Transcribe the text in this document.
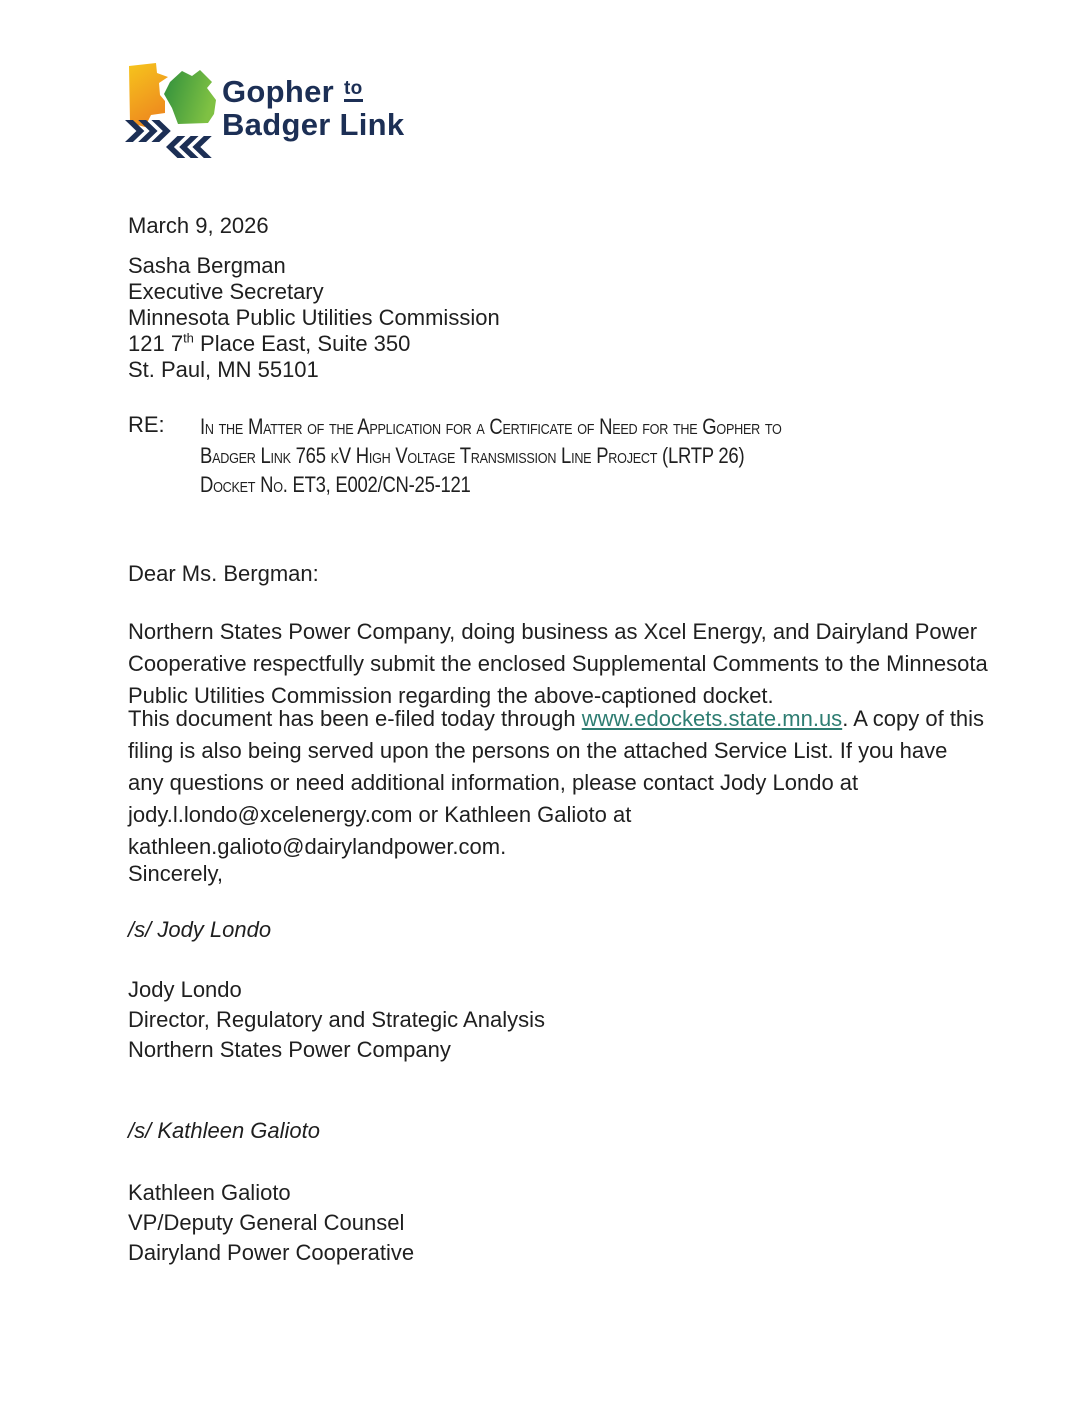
Gopher to
Badger Link
March 9, 2026
Sasha Bergman
Executive Secretary
Minnesota Public Utilities Commission
121 7th Place East, Suite 350
St. Paul, MN 55101
RE: In the Matter of the Application for a Certificate of Need for the Gopher to
Badger Link 765 kV High Voltage Transmission Line Project (LRTP 26)
Docket No. ET3, E002/CN-25-121
Dear Ms. Bergman:
Northern States Power Company, doing business as Xcel Energy, and Dairyland Power
Cooperative respectfully submit the enclosed Supplemental Comments to the Minnesota
Public Utilities Commission regarding the above-captioned docket.
This document has been e-filed today through www.edockets.state.mn.us. A copy of this
filing is also being served upon the persons on the attached Service List. If you have
any questions or need additional information, please contact Jody Londo at
jody.l.londo@xcelenergy.com or Kathleen Galioto at
kathleen.galioto@dairylandpower.com.
Sincerely,
/s/ Jody Londo
Jody Londo
Director, Regulatory and Strategic Analysis
Northern States Power Company
/s/ Kathleen Galioto
Kathleen Galioto
VP/Deputy General Counsel
Dairyland Power Cooperative
